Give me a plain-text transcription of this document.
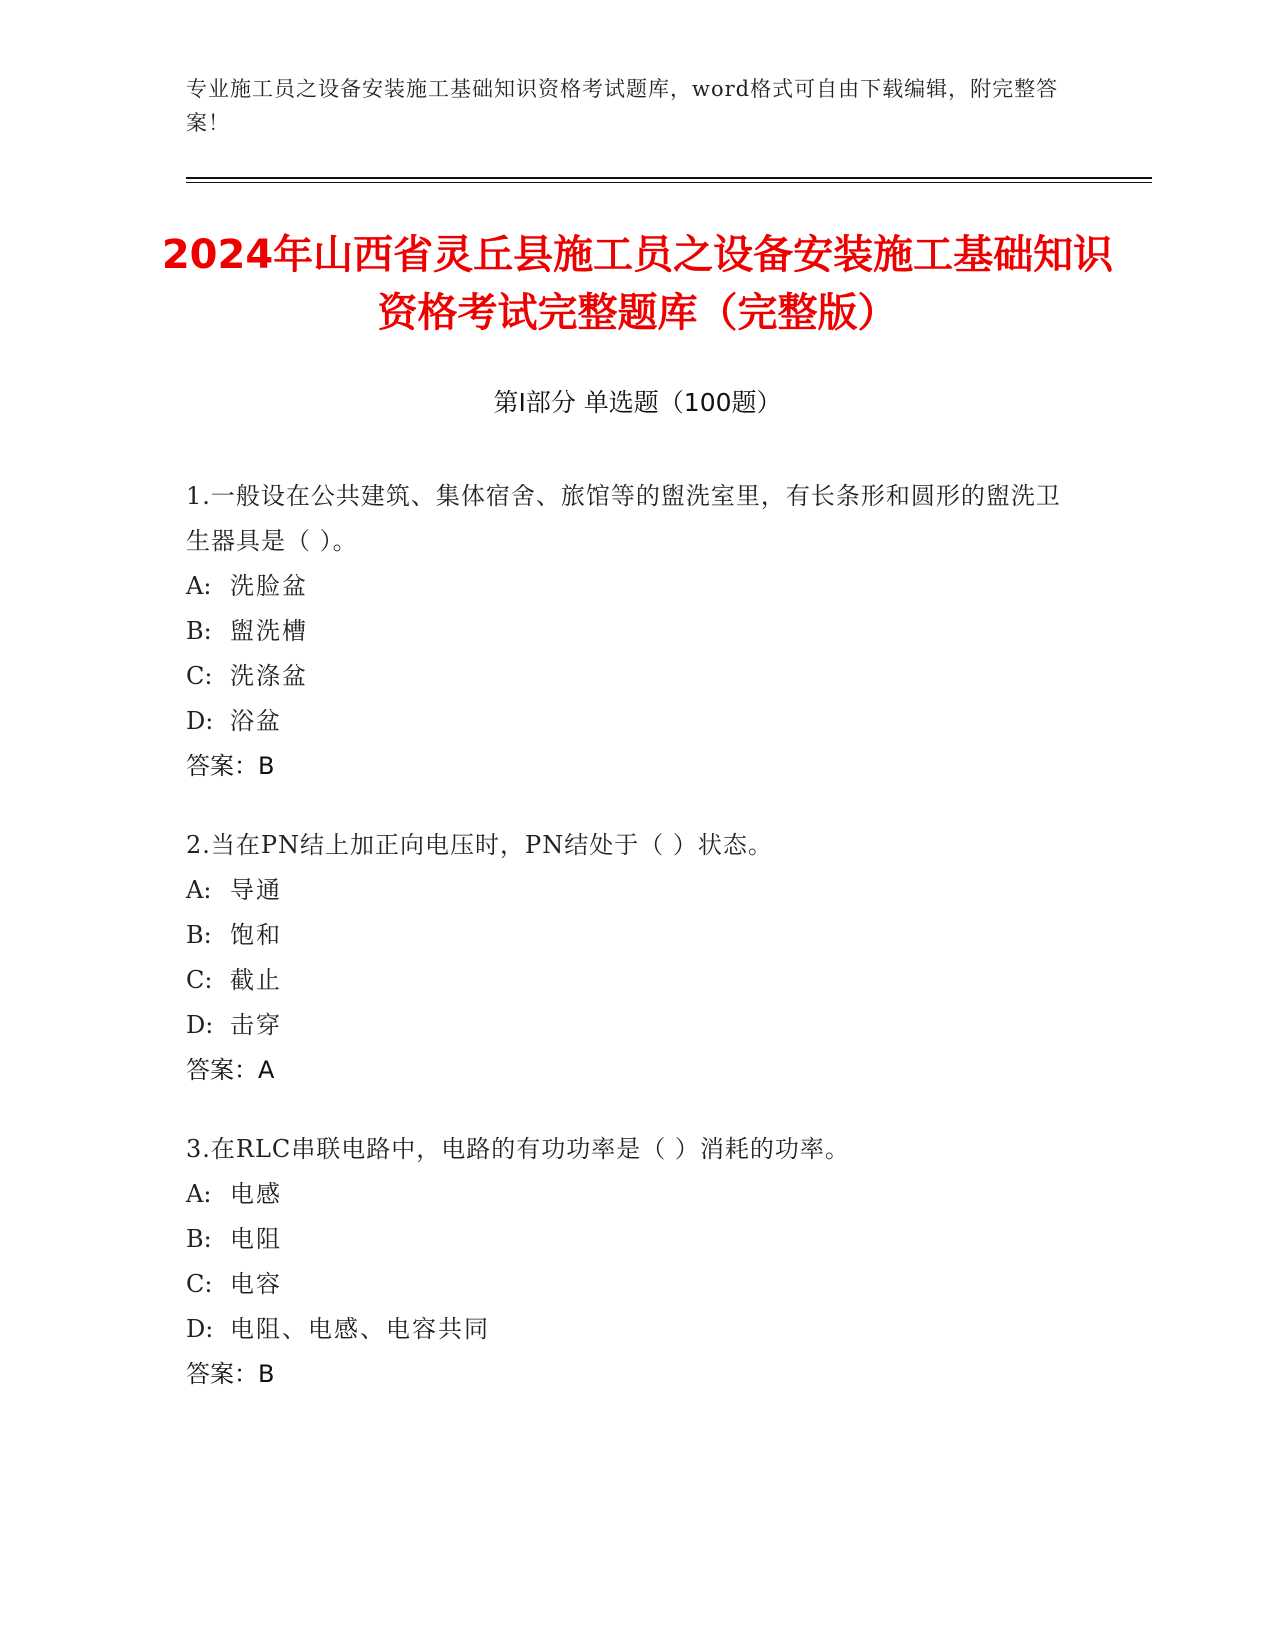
专业施工员之设备安装施工基础知识资格考试题库，word格式可自由下载编辑，附完整答案！
2024年山西省灵丘县施工员之设备安装施工基础知识资格考试完整题库（完整版）
第I部分 单选题（100题）

1.一般设在公共建筑、集体宿舍、旅馆等的盥洗室里，有长条形和圆形的盥洗卫生器具是（ ）。

A: 洗脸盆
B: 盥洗槽
C: 洗涤盆
D: 浴盆

答案：B

2.当在PN结上加正向电压时，PN结处于（ ）状态。

A: 导通
B: 饱和
C: 截止
D: 击穿

答案：A

3.在RLC串联电路中，电路的有功功率是（ ）消耗的功率。

A: 电感
B: 电阻
C: 电容
D: 电阻、电感、电容共同

答案：B
